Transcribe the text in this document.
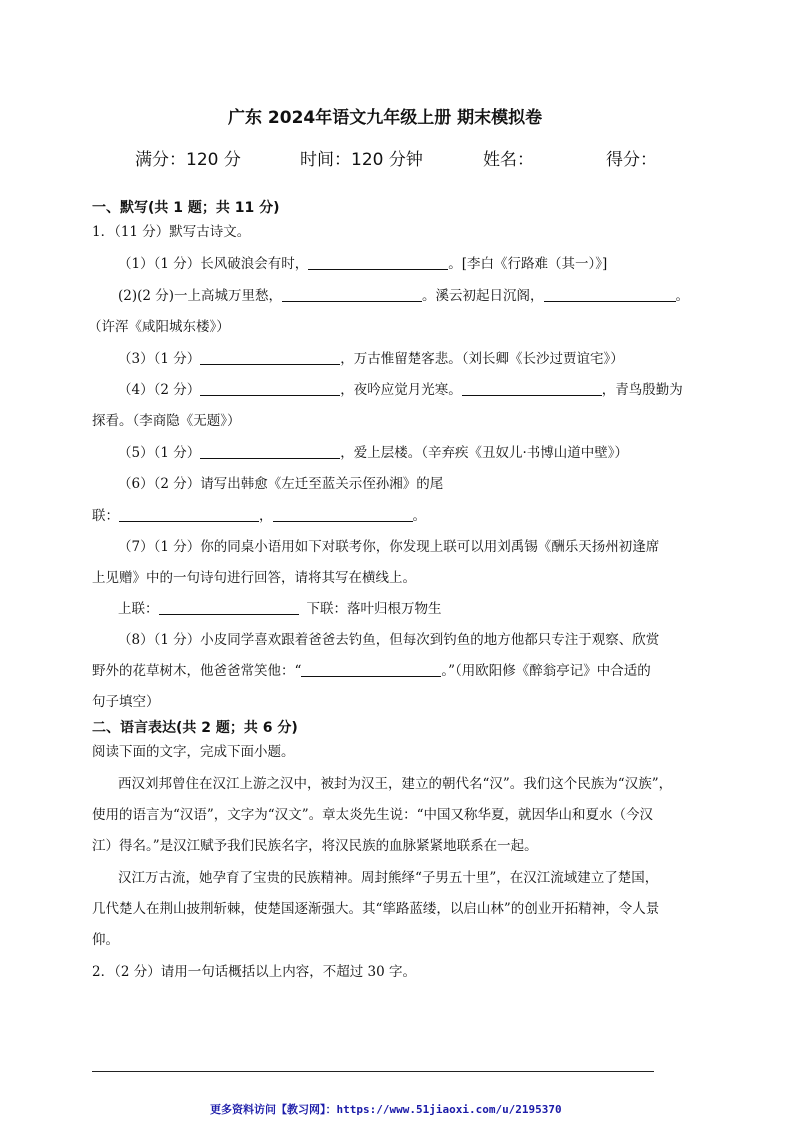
广东 2024年语文九年级上册 期末模拟卷
满分：120 分	时间：120 分钟	姓名：	得分：
一、默写(共 1 题；共 11 分)
1．（11 分）默写古诗文。
（1）（1 分）长风破浪会有时，	。[李白《行路难（其一）》]
(2)(2 分)一上高城万里愁，	。溪云初起日沉阁，	。
（许浑《咸阳城东楼》）
（3）（1 分）	，万古惟留楚客悲。（刘长卿《长沙过贾谊宅》）
（4）（2 分）	，夜吟应觉月光寒。	，青鸟殷勤为
探看。（李商隐《无题》）
（5）（1 分）	，爱上层楼。（辛弃疾《丑奴儿·书博山道中壁》）
（6）（2 分）请写出韩愈《左迁至蓝关示侄孙湘》的尾
联：	，	。
（7）（1 分）你的同桌小语用如下对联考你，你发现上联可以用刘禹锡《酬乐天扬州初逢席
上见赠》中的一句诗句进行回答，请将其写在横线上。
上联：	下联：落叶归根万物生
（8）（1 分）小皮同学喜欢跟着爸爸去钓鱼，但每次到钓鱼的地方他都只专注于观察、欣赏
野外的花草树木，他爸爸常笑他：“	。”（用欧阳修《醉翁亭记》中合适的
句子填空）
二、语言表达(共 2 题；共 6 分)
阅读下面的文字，完成下面小题。
西汉刘邦曾住在汉江上游之汉中，被封为汉王，建立的朝代名“汉”。我们这个民族为“汉族”，
使用的语言为“汉语”，文字为“汉文”。章太炎先生说：“中国又称华夏，就因华山和夏水（今汉
江）得名。”是汉江赋予我们民族名字，将汉民族的血脉紧紧地联系在一起。
汉江万古流，她孕育了宝贵的民族精神。周封熊绎“子男五十里”，在汉江流域建立了楚国，
几代楚人在荆山披荆斩棘，使楚国逐渐强大。其“筚路蓝缕，以启山林”的创业开拓精神，令人景
仰。
2．（2 分）请用一句话概括以上内容，不超过 30 字。
更多资料访问【教习网】：https://www.51jiaoxi.com/u/2195370
